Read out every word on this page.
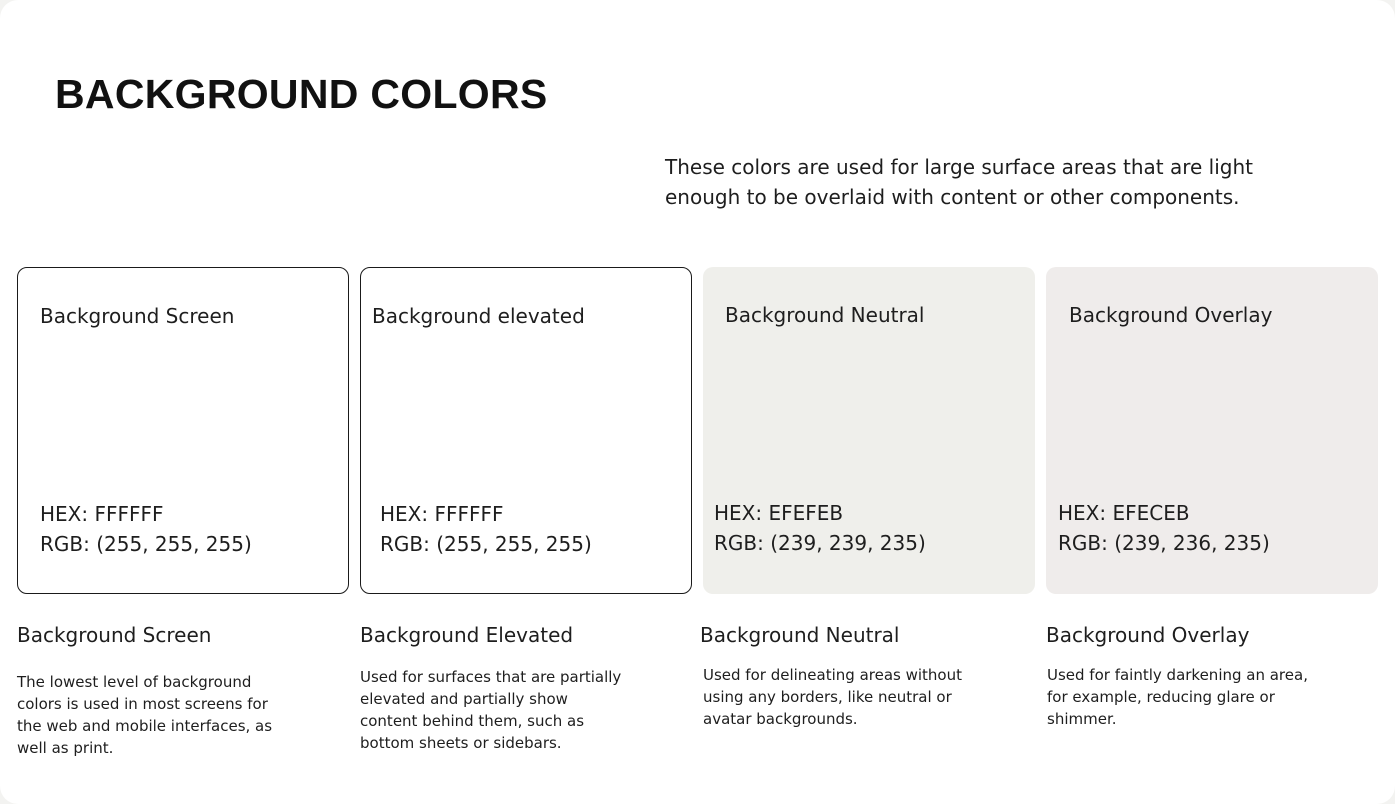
BACKGROUND COLORS

These colors are used for large surface areas that are light enough to be overlaid with content or other components.

Background Screen

HEX: FFFFFF
RGB: (255, 255, 255)

Background elevated

HEX: FFFFFF
RGB: (255, 255, 255)

Background Neutral

HEX: EFEFEB
RGB: (239, 239, 235)

Background Overlay

HEX: EFECEB
RGB: (239, 236, 235)

Background Screen

The lowest level of background colors is used in most screens for the web and mobile interfaces, as well as print.

Background Elevated

Used for surfaces that are partially elevated and partially show content behind them, such as bottom sheets or sidebars.

Background Neutral

Used for delineating areas without using any borders, like neutral or avatar backgrounds.

Background Overlay

Used for faintly darkening an area, for example, reducing glare or shimmer.
